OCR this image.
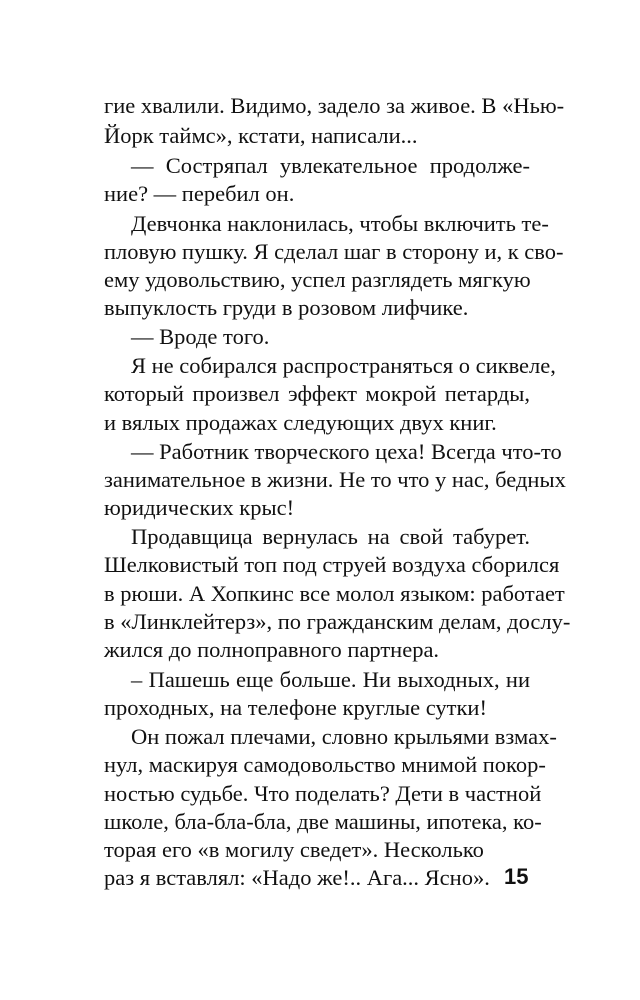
гие хвалили. Видимо, задело за живое. В «Нью-
Йорк таймс», кстати, написали...
— Состряпал увлекательное продолже-
ние? — перебил он.
Девчонка наклонилась, чтобы включить те-
пловую пушку. Я сделал шаг в сторону и, к сво-
ему удовольствию, успел разглядеть мягкую
выпуклость груди в розовом лифчике.
— Вроде того.
Я не собирался распространяться о сиквеле,
который произвел эффект мокрой петарды,
и вялых продажах следующих двух книг.
— Работник творческого цеха! Всегда что-то
занимательное в жизни. Не то что у нас, бедных
юридических крыс!
Продавщица вернулась на свой табурет.
Шелковистый топ под струей воздуха сборился
в рюши. А Хопкинс все молол языком: работает
в «Линклейтерз», по гражданским делам, дослу-
жился до полноправного партнера.
– Пашешь еще больше. Ни выходных, ни
проходных, на телефоне круглые сутки!
Он пожал плечами, словно крыльями взмах-
нул, маскируя самодовольство мнимой покор-
ностью судьбе. Что поделать? Дети в частной
школе, бла-бла-бла, две машины, ипотека, ко-
торая его «в могилу сведет». Несколько
раз я вставлял: «Надо же!.. Ага... Ясно». 15
